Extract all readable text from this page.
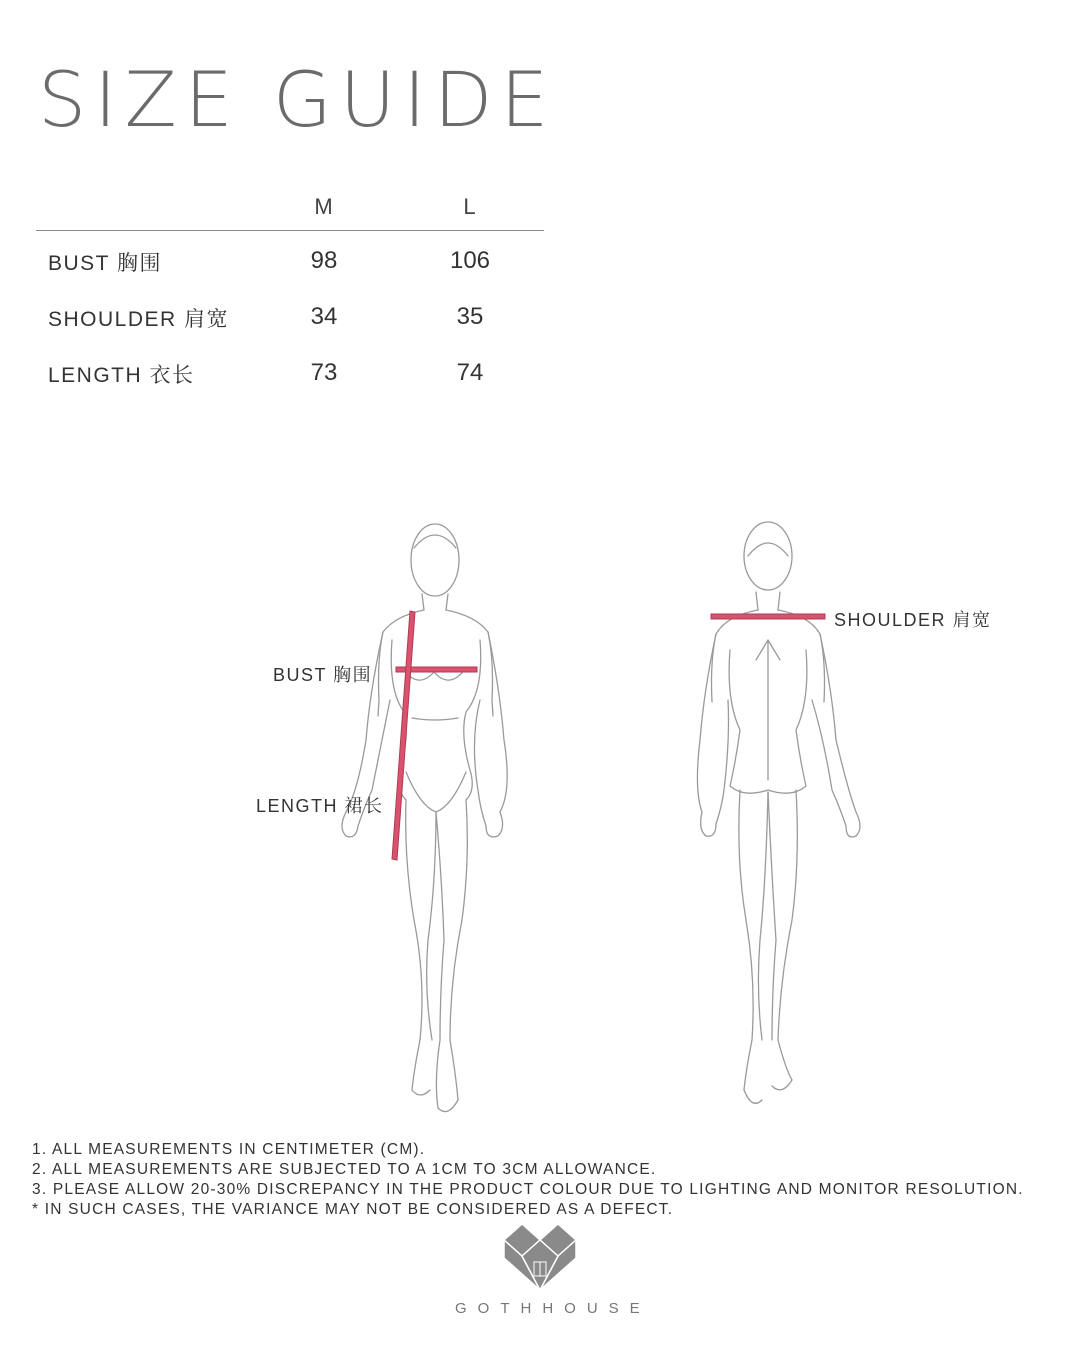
SIZE GUIDE
M	L
BUST 胸围	98	106
SHOULDER 肩宽	34	35
LENGTH 衣长	73	74
BUST 胸围
LENGTH 裙长
SHOULDER 肩宽
1. ALL MEASUREMENTS IN CENTIMETER (CM).
2. ALL MEASUREMENTS ARE SUBJECTED TO A 1CM TO 3CM ALLOWANCE.
3. PLEASE ALLOW 20-30% DISCREPANCY IN THE PRODUCT COLOUR DUE TO LIGHTING AND MONITOR RESOLUTION.
* IN SUCH CASES, THE VARIANCE MAY NOT BE CONSIDERED AS A DEFECT.
GOTHHOUSE
